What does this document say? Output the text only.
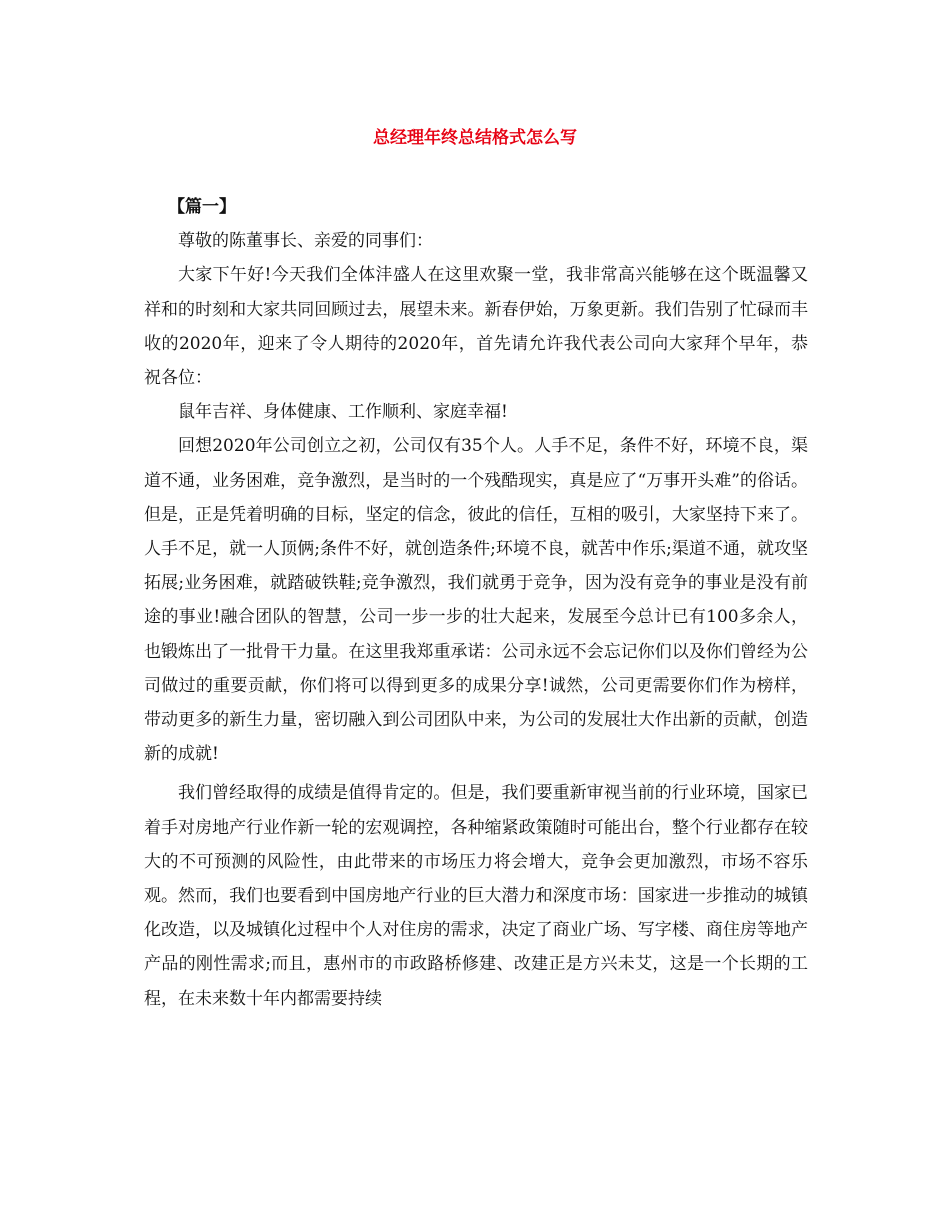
总经理年终总结格式怎么写

【篇一】

尊敬的陈董事长、亲爱的同事们：

大家下午好!今天我们全体沣盛人在这里欢聚一堂，我非常高兴能够在这个既温馨又祥和的时刻和大家共同回顾过去，展望未来。新春伊始，万象更新。我们告别了忙碌而丰收的2020年，迎来了令人期待的2020年，首先请允许我代表公司向大家拜个早年，恭祝各位：

鼠年吉祥、身体健康、工作顺利、家庭幸福!

回想2020年公司创立之初，公司仅有35个人。人手不足，条件不好，环境不良，渠道不通，业务困难，竞争激烈，是当时的一个残酷现实，真是应了“万事开头难”的俗话。但是，正是凭着明确的目标，坚定的信念，彼此的信任，互相的吸引，大家坚持下来了。人手不足，就一人顶俩;条件不好，就创造条件;环境不良，就苦中作乐;渠道不通，就攻坚拓展;业务困难，就踏破铁鞋;竞争激烈，我们就勇于竞争，因为没有竞争的事业是没有前途的事业!融合团队的智慧，公司一步一步的壮大起来，发展至今总计已有100多余人，也锻炼出了一批骨干力量。在这里我郑重承诺：公司永远不会忘记你们以及你们曾经为公司做过的重要贡献，你们将可以得到更多的成果分享!诚然，公司更需要你们作为榜样，带动更多的新生力量，密切融入到公司团队中来，为公司的发展壮大作出新的贡献，创造新的成就!

我们曾经取得的成绩是值得肯定的。但是，我们要重新审视当前的行业环境，国家已着手对房地产行业作新一轮的宏观调控，各种缩紧政策随时可能出台，整个行业都存在较大的不可预测的风险性，由此带来的市场压力将会增大，竞争会更加激烈，市场不容乐观。然而，我们也要看到中国房地产行业的巨大潜力和深度市场：国家进一步推动的城镇化改造，以及城镇化过程中个人对住房的需求，决定了商业广场、写字楼、商住房等地产产品的刚性需求;而且，惠州市的市政路桥修建、改建正是方兴未艾，这是一个长期的工程，在未来数十年内都需要持续
